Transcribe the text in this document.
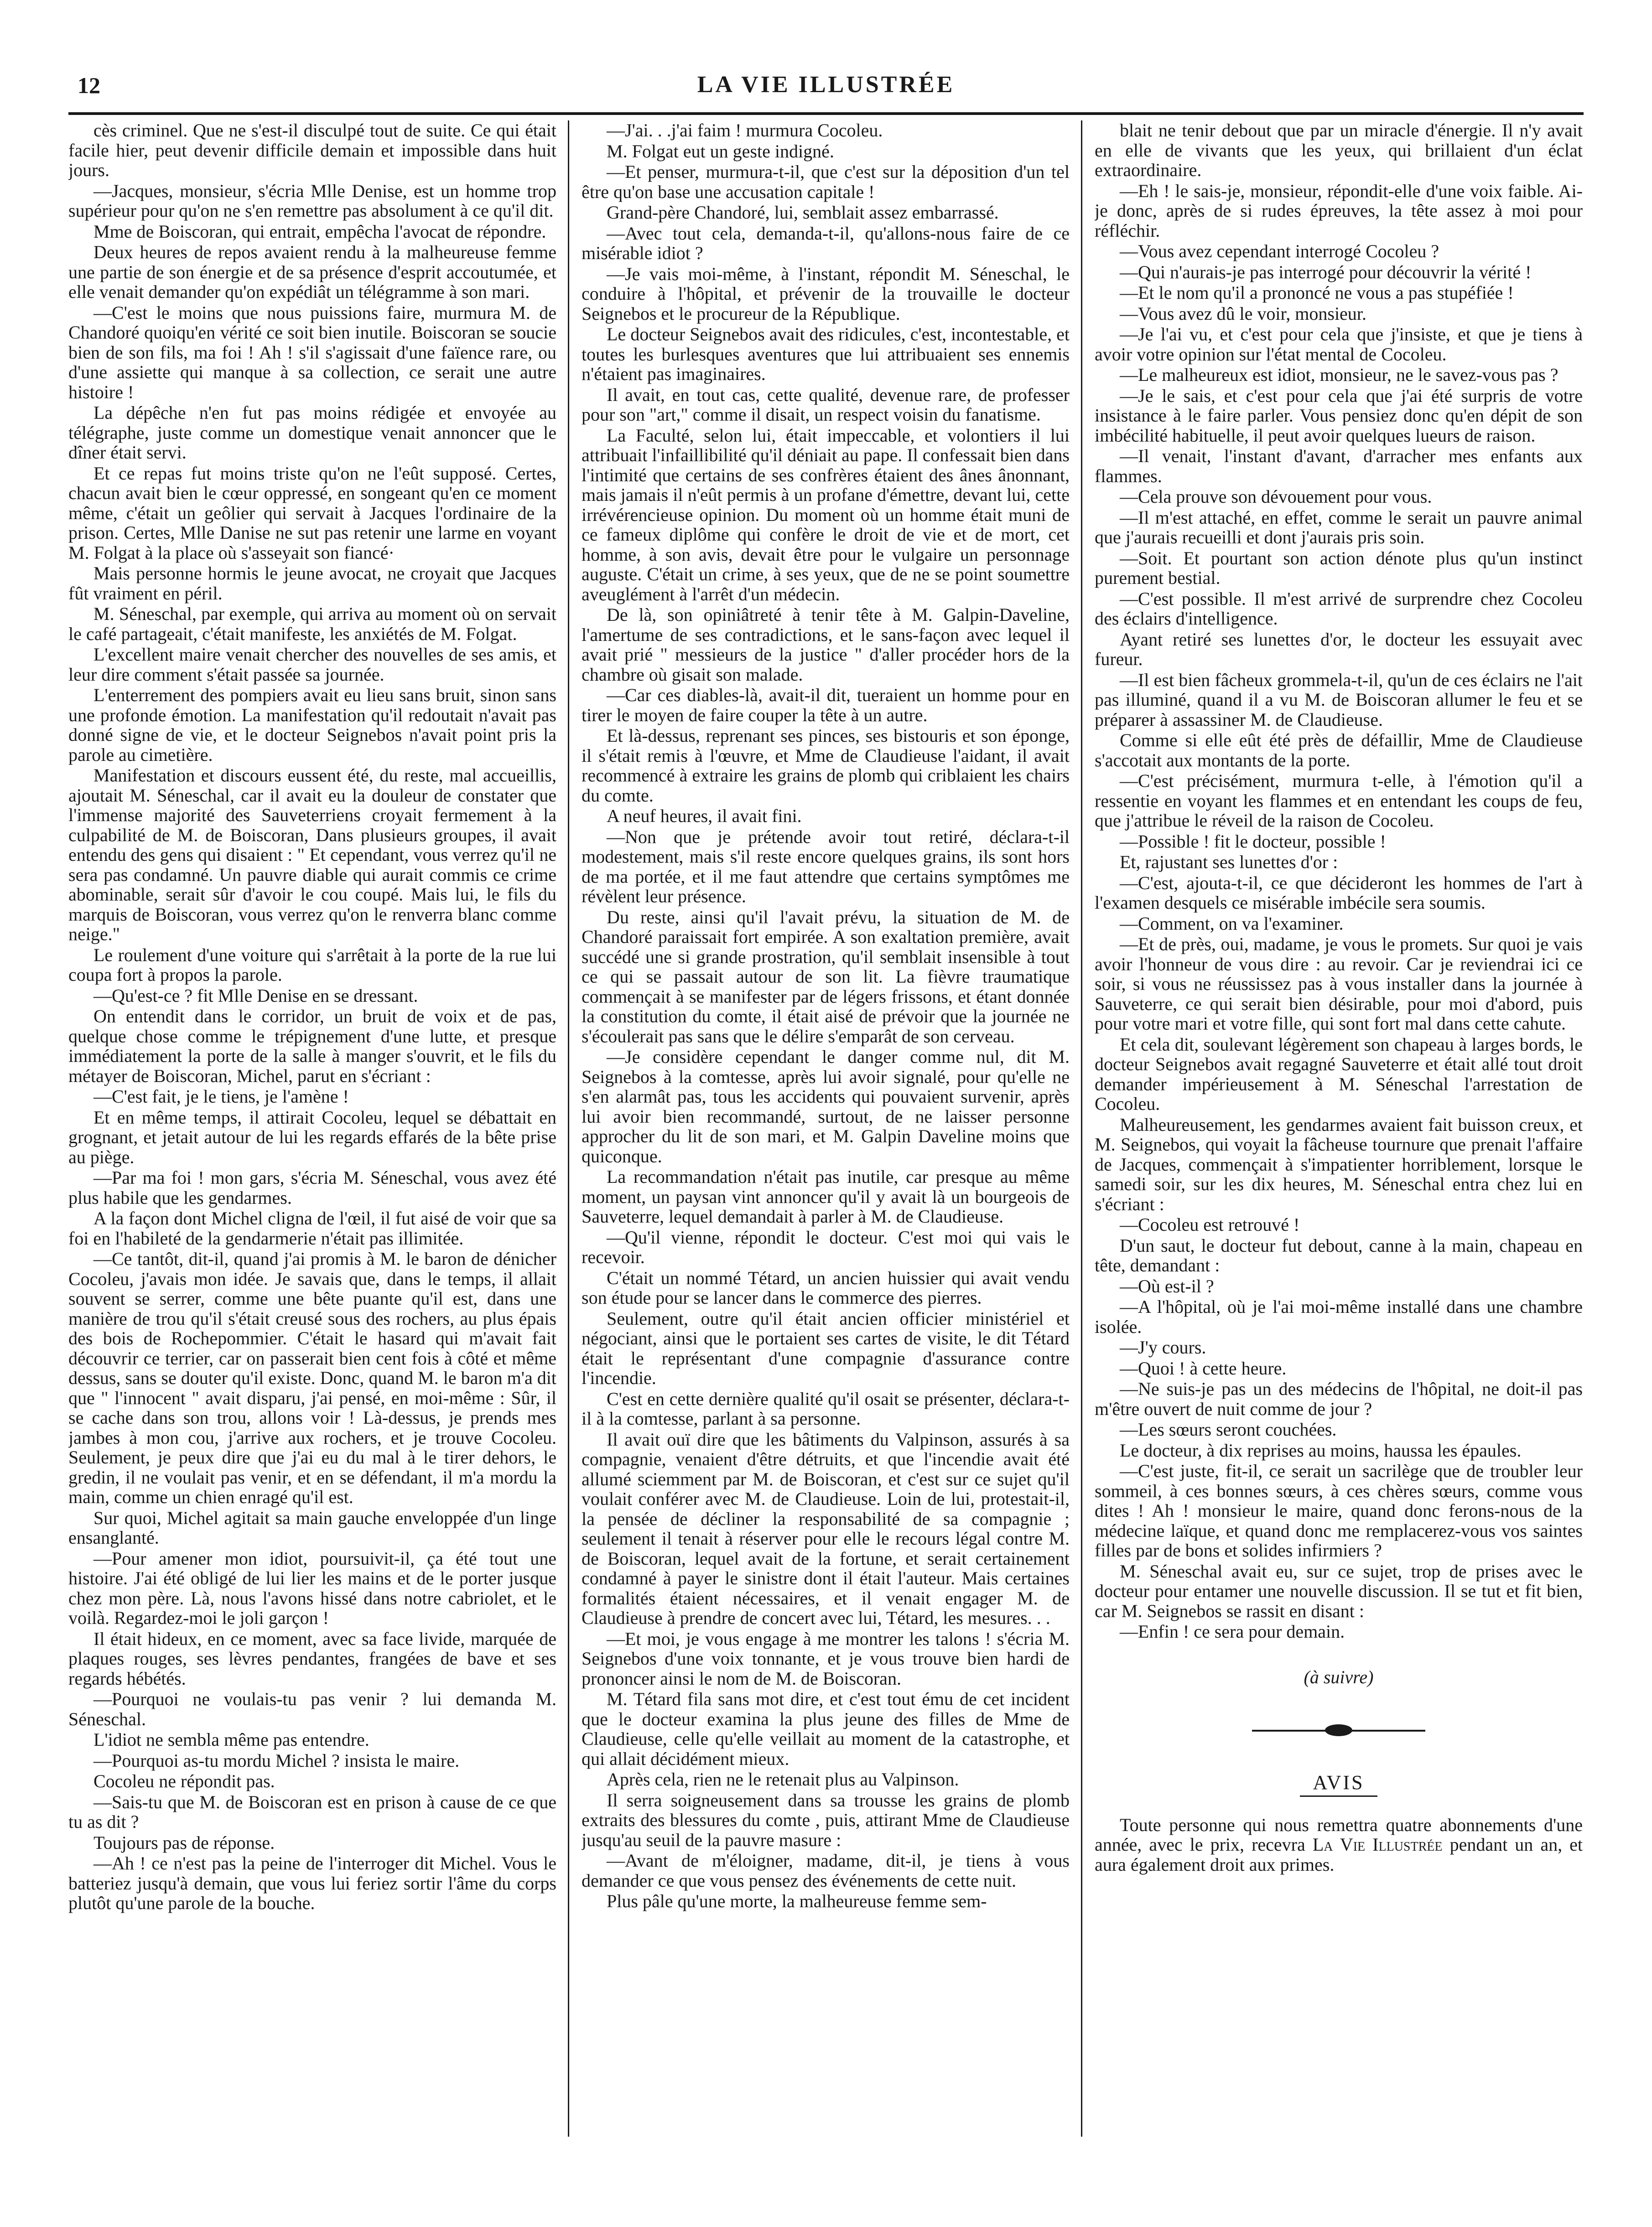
12	LA VIE ILLUSTRÉE

cès criminel. Que ne s'est-il disculpé tout de suite. Ce qui était facile hier, peut devenir difficile demain et impossible dans huit jours.

—Jacques, monsieur, s'écria Mlle Denise, est un homme trop supérieur pour qu'on ne s'en remettre pas absolument à ce qu'il dit.

Mme de Boiscoran, qui entrait, empêcha l'avocat de répondre.

Deux heures de repos avaient rendu à la malheureuse femme une partie de son énergie et de sa présence d'esprit accoutumée, et elle venait demander qu'on expédiât un télégramme à son mari.

—C'est le moins que nous puissions faire, murmura M. de Chandoré quoiqu'en vérité ce soit bien inutile. Boiscoran se soucie bien de son fils, ma foi ! Ah ! s'il s'agissait d'une faïence rare, ou d'une assiette qui manque à sa collection, ce serait une autre histoire !

La dépêche n'en fut pas moins rédigée et envoyée au télégraphe, juste comme un domestique venait annoncer que le dîner était servi.

Et ce repas fut moins triste qu'on ne l'eût supposé. Certes, chacun avait bien le cœur oppressé, en songeant qu'en ce moment même, c'était un geôlier qui servait à Jacques l'ordinaire de la prison. Certes, Mlle Danise ne sut pas retenir une larme en voyant M. Folgat à la place où s'asseyait son fiancé·

Mais personne hormis le jeune avocat, ne croyait que Jacques fût vraiment en péril.

M. Séneschal, par exemple, qui arriva au moment où on servait le café partageait, c'était manifeste, les anxiétés de M. Folgat.

L'excellent maire venait chercher des nouvelles de ses amis, et leur dire comment s'était passée sa journée.

L'enterrement des pompiers avait eu lieu sans bruit, sinon sans une profonde émotion. La manifestation qu'il redoutait n'avait pas donné signe de vie, et le docteur Seignebos n'avait point pris la parole au cimetière.

Manifestation et discours eussent été, du reste, mal accueillis, ajoutait M. Séneschal, car il avait eu la douleur de constater que l'immense majorité des Sauveterriens croyait fermement à la culpabilité de M. de Boiscoran, Dans plusieurs groupes, il avait entendu des gens qui disaient : " Et cependant, vous verrez qu'il ne sera pas condamné. Un pauvre diable qui aurait commis ce crime abominable, serait sûr d'avoir le cou coupé. Mais lui, le fils du marquis de Boiscoran, vous verrez qu'on le renverra blanc comme neige."

Le roulement d'une voiture qui s'arrêtait à la porte de la rue lui coupa fort à propos la parole.

—Qu'est-ce ? fit Mlle Denise en se dressant.

On entendit dans le corridor, un bruit de voix et de pas, quelque chose comme le trépignement d'une lutte, et presque immédiatement la porte de la salle à manger s'ouvrit, et le fils du métayer de Boiscoran, Michel, parut en s'écriant :

—C'est fait, je le tiens, je l'amène !

Et en même temps, il attirait Cocoleu, lequel se débattait en grognant, et jetait autour de lui les regards effarés de la bête prise au piège.

—Par ma foi ! mon gars, s'écria M. Séneschal, vous avez été plus habile que les gendarmes.

A la façon dont Michel cligna de l'œil, il fut aisé de voir que sa foi en l'habileté de la gendarmerie n'était pas illimitée.

—Ce tantôt, dit-il, quand j'ai promis à M. le baron de dénicher Cocoleu, j'avais mon idée. Je savais que, dans le temps, il allait souvent se serrer, comme une bête puante qu'il est, dans une manière de trou qu'il s'était creusé sous des rochers, au plus épais des bois de Rochepommier. C'était le hasard qui m'avait fait découvrir ce terrier, car on passerait bien cent fois à côté et même dessus, sans se douter qu'il existe. Donc, quand M. le baron m'a dit que " l'innocent " avait disparu, j'ai pensé, en moi-même : Sûr, il se cache dans son trou, allons voir ! Là-dessus, je prends mes jambes à mon cou, j'arrive aux rochers, et je trouve Cocoleu. Seulement, je peux dire que j'ai eu du mal à le tirer dehors, le gredin, il ne voulait pas venir, et en se défendant, il m'a mordu la main, comme un chien enragé qu'il est.

Sur quoi, Michel agitait sa main gauche enveloppée d'un linge ensanglanté.

—Pour amener mon idiot, poursuivit-il, ça été tout une histoire. J'ai été obligé de lui lier les mains et de le porter jusque chez mon père. Là, nous l'avons hissé dans notre cabriolet, et le voilà. Regardez-moi le joli garçon !

Il était hideux, en ce moment, avec sa face livide, marquée de plaques rouges, ses lèvres pendantes, frangées de bave et ses regards hébétés.

—Pourquoi ne voulais-tu pas venir ? lui demanda M. Séneschal.

L'idiot ne sembla même pas entendre.

—Pourquoi as-tu mordu Michel ? insista le maire.

Cocoleu ne répondit pas.

—Sais-tu que M. de Boiscoran est en prison à cause de ce que tu as dit ?

Toujours pas de réponse.

—Ah ! ce n'est pas la peine de l'interroger dit Michel. Vous le batteriez jusqu'à demain, que vous lui feriez sortir l'âme du corps plutôt qu'une parole de la bouche.

—J'ai. . .j'ai faim ! murmura Cocoleu.

M. Folgat eut un geste indigné.

—Et penser, murmura-t-il, que c'est sur la déposition d'un tel être qu'on base une accusation capitale !

Grand-père Chandoré, lui, semblait assez embarrassé.

—Avec tout cela, demanda-t-il, qu'allons-nous faire de ce misérable idiot ?

—Je vais moi-même, à l'instant, répondit M. Séneschal, le conduire à l'hôpital, et prévenir de la trouvaille le docteur Seignebos et le procureur de la République.

Le docteur Seignebos avait des ridicules, c'est, incontestable, et toutes les burlesques aventures que lui attribuaient ses ennemis n'étaient pas imaginaires.

Il avait, en tout cas, cette qualité, devenue rare, de professer pour son "art," comme il disait, un respect voisin du fanatisme.

La Faculté, selon lui, était impeccable, et volontiers il lui attribuait l'infaillibilité qu'il déniait au pape. Il confessait bien dans l'intimité que certains de ses confrères étaient des ânes ânonnant, mais jamais il n'eût permis à un profane d'émettre, devant lui, cette irrévérencieuse opinion. Du moment où un homme était muni de ce fameux diplôme qui confère le droit de vie et de mort, cet homme, à son avis, devait être pour le vulgaire un personnage auguste. C'était un crime, à ses yeux, que de ne se point soumettre aveuglément à l'arrêt d'un médecin.

De là, son opiniâtreté à tenir tête à M. Galpin-Daveline, l'amertume de ses contradictions, et le sans-façon avec lequel il avait prié " messieurs de la justice " d'aller procéder hors de la chambre où gisait son malade.

—Car ces diables-là, avait-il dit, tueraient un homme pour en tirer le moyen de faire couper la tête à un autre.

Et là-dessus, reprenant ses pinces, ses bistouris et son éponge, il s'était remis à l'œuvre, et Mme de Claudieuse l'aidant, il avait recommencé à extraire les grains de plomb qui criblaient les chairs du comte.

A neuf heures, il avait fini.

—Non que je prétende avoir tout retiré, déclara-t-il modestement, mais s'il reste encore quelques grains, ils sont hors de ma portée, et il me faut attendre que certains symptômes me révèlent leur présence.

Du reste, ainsi qu'il l'avait prévu, la situation de M. de Chandoré paraissait fort empirée. A son exaltation première, avait succédé une si grande prostration, qu'il semblait insensible à tout ce qui se passait autour de son lit. La fièvre traumatique commençait à se manifester par de légers frissons, et étant donnée la constitution du comte, il était aisé de prévoir que la journée ne s'écoulerait pas sans que le délire s'emparât de son cerveau.

—Je considère cependant le danger comme nul, dit M. Seignebos à la comtesse, après lui avoir signalé, pour qu'elle ne s'en alarmât pas, tous les accidents qui pouvaient survenir, après lui avoir bien recommandé, surtout, de ne laisser personne approcher du lit de son mari, et M. Galpin Daveline moins que quiconque.

La recommandation n'était pas inutile, car presque au même moment, un paysan vint annoncer qu'il y avait là un bourgeois de Sauveterre, lequel demandait à parler à M. de Claudieuse.

—Qu'il vienne, répondit le docteur. C'est moi qui vais le recevoir.

C'était un nommé Tétard, un ancien huissier qui avait vendu son étude pour se lancer dans le commerce des pierres.

Seulement, outre qu'il était ancien officier ministériel et négociant, ainsi que le portaient ses cartes de visite, le dit Tétard était le représentant d'une compagnie d'assurance contre l'incendie.

C'est en cette dernière qualité qu'il osait se présenter, déclara-t-il à la comtesse, parlant à sa personne.

Il avait ouï dire que les bâtiments du Valpinson, assurés à sa compagnie, venaient d'être détruits, et que l'incendie avait été allumé sciemment par M. de Boiscoran, et c'est sur ce sujet qu'il voulait conférer avec M. de Claudieuse. Loin de lui, protestait-il, la pensée de décliner la responsabilité de sa compagnie ; seulement il tenait à réserver pour elle le recours légal contre M. de Boiscoran, lequel avait de la fortune, et serait certainement condamné à payer le sinistre dont il était l'auteur. Mais certaines formalités étaient nécessaires, et il venait engager M. de Claudieuse à prendre de concert avec lui, Tétard, les mesures. . .

—Et moi, je vous engage à me montrer les talons ! s'écria M. Seignebos d'une voix tonnante, et je vous trouve bien hardi de prononcer ainsi le nom de M. de Boiscoran.

M. Tétard fila sans mot dire, et c'est tout ému de cet incident que le docteur examina la plus jeune des filles de Mme de Claudieuse, celle qu'elle veillait au moment de la catastrophe, et qui allait décidément mieux.

Après cela, rien ne le retenait plus au Valpinson.

Il serra soigneusement dans sa trousse les grains de plomb extraits des blessures du comte , puis, attirant Mme de Claudieuse jusqu'au seuil de la pauvre masure :

—Avant de m'éloigner, madame, dit-il, je tiens à vous demander ce que vous pensez des événements de cette nuit.

Plus pâle qu'une morte, la malheureuse femme sem-

blait ne tenir debout que par un miracle d'énergie. Il n'y avait en elle de vivants que les yeux, qui brillaient d'un éclat extraordinaire.

—Eh ! le sais-je, monsieur, répondit-elle d'une voix faible. Ai-je donc, après de si rudes épreuves, la tête assez à moi pour réfléchir.

—Vous avez cependant interrogé Cocoleu ?

—Qui n'aurais-je pas interrogé pour découvrir la vérité !

—Et le nom qu'il a prononcé ne vous a pas stupéfiée !

—Vous avez dû le voir, monsieur.

—Je l'ai vu, et c'est pour cela que j'insiste, et que je tiens à avoir votre opinion sur l'état mental de Cocoleu.

—Le malheureux est idiot, monsieur, ne le savez-vous pas ?

—Je le sais, et c'est pour cela que j'ai été surpris de votre insistance à le faire parler. Vous pensiez donc qu'en dépit de son imbécilité habituelle, il peut avoir quelques lueurs de raison.

—Il venait, l'instant d'avant, d'arracher mes enfants aux flammes.

—Cela prouve son dévouement pour vous.

—Il m'est attaché, en effet, comme le serait un pauvre animal que j'aurais recueilli et dont j'aurais pris soin.

—Soit. Et pourtant son action dénote plus qu'un instinct purement bestial.

—C'est possible. Il m'est arrivé de surprendre chez Cocoleu des éclairs d'intelligence.

Ayant retiré ses lunettes d'or, le docteur les essuyait avec fureur.

—Il est bien fâcheux grommela-t-il, qu'un de ces éclairs ne l'ait pas illuminé, quand il a vu M. de Boiscoran allumer le feu et se préparer à assassiner M. de Claudieuse.

Comme si elle eût été près de défaillir, Mme de Claudieuse s'accotait aux montants de la porte.

—C'est précisément, murmura t-elle, à l'émotion qu'il a ressentie en voyant les flammes et en entendant les coups de feu, que j'attribue le réveil de la raison de Cocoleu.

—Possible ! fit le docteur, possible !

Et, rajustant ses lunettes d'or :

—C'est, ajouta-t-il, ce que décideront les hommes de l'art à l'examen desquels ce misérable imbécile sera soumis.

—Comment, on va l'examiner.

—Et de près, oui, madame, je vous le promets. Sur quoi je vais avoir l'honneur de vous dire : au revoir. Car je reviendrai ici ce soir, si vous ne réussissez pas à vous installer dans la journée à Sauveterre, ce qui serait bien désirable, pour moi d'abord, puis pour votre mari et votre fille, qui sont fort mal dans cette cahute.

Et cela dit, soulevant légèrement son chapeau à larges bords, le docteur Seignebos avait regagné Sauveterre et était allé tout droit demander impérieusement à M. Séneschal l'arrestation de Cocoleu.

Malheureusement, les gendarmes avaient fait buisson creux, et M. Seignebos, qui voyait la fâcheuse tournure que prenait l'affaire de Jacques, commençait à s'impatienter horriblement, lorsque le samedi soir, sur les dix heures, M. Séneschal entra chez lui en s'écriant :

—Cocoleu est retrouvé !

D'un saut, le docteur fut debout, canne à la main, chapeau en tête, demandant :

—Où est-il ?

—A l'hôpital, où je l'ai moi-même installé dans une chambre isolée.

—J'y cours.

—Quoi ! à cette heure.

—Ne suis-je pas un des médecins de l'hôpital, ne doit-il pas m'être ouvert de nuit comme de jour ?

—Les sœurs seront couchées.

Le docteur, à dix reprises au moins, haussa les épaules.

—C'est juste, fit-il, ce serait un sacrilège que de troubler leur sommeil, à ces bonnes sœurs, à ces chères sœurs, comme vous dites ! Ah ! monsieur le maire, quand donc ferons-nous de la médecine laïque, et quand donc me remplacerez-vous vos saintes filles par de bons et solides infirmiers ?

M. Séneschal avait eu, sur ce sujet, trop de prises avec le docteur pour entamer une nouvelle discussion. Il se tut et fit bien, car M. Seignebos se rassit en disant :

—Enfin ! ce sera pour demain.

(à suivre)
AVIS

Toute personne qui nous remettra quatre abonnements d'une année, avec le prix, recevra La Vie Illustrée pendant un an, et aura également droit aux primes.
